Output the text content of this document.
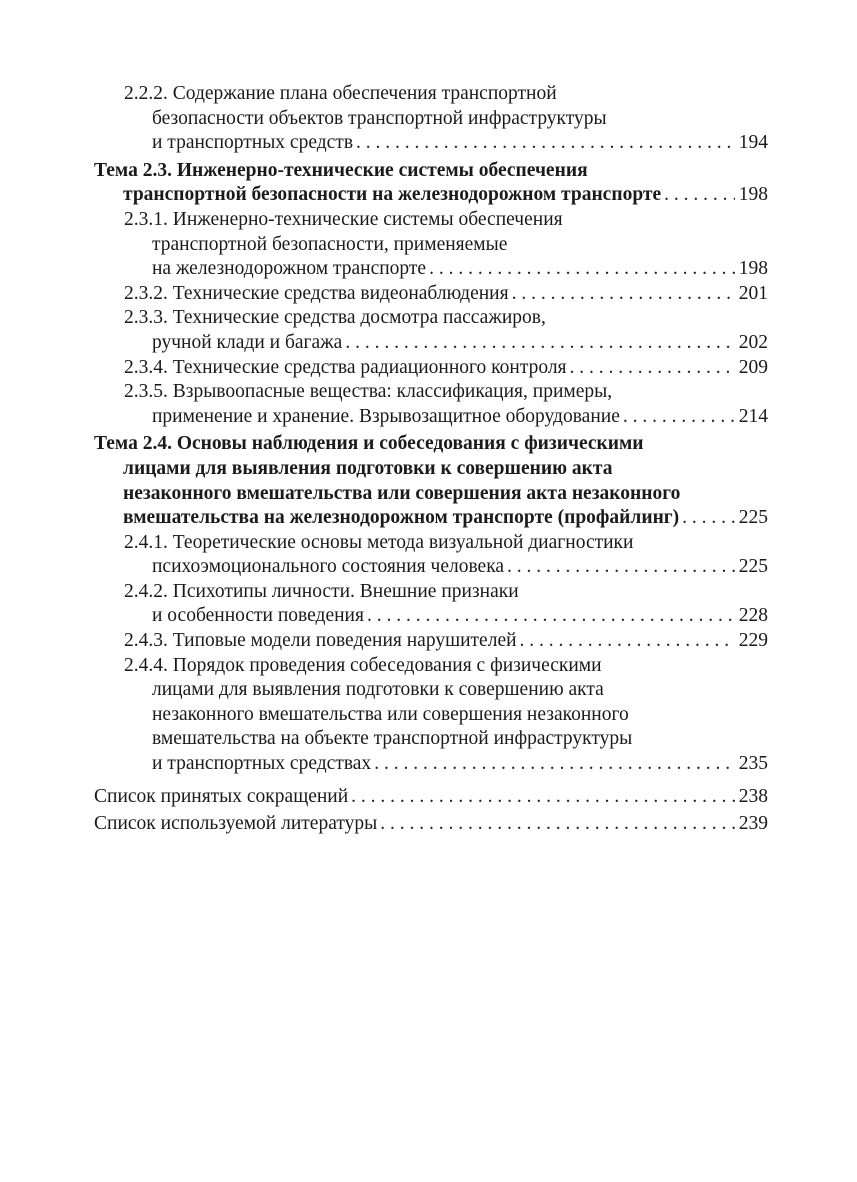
2.2.2. Содержание плана обеспечения транспортной
безопасности объектов транспортной инфраструктуры
и транспортных средств . . .	194
Тема 2.3. Инженерно-технические системы обеспечения
транспортной безопасности на железнодорожном транспорте . . .	198
2.3.1. Инженерно-технические системы обеспечения
транспортной безопасности, применяемые
на железнодорожном транспорте . . .	198
2.3.2. Технические средства видеонаблюдения . . .	201
2.3.3. Технические средства досмотра пассажиров,
ручной клади и багажа . . .	202
2.3.4. Технические средства радиационного контроля . . .	209
2.3.5. Взрывоопасные вещества: классификация, примеры,
применение и хранение. Взрывозащитное оборудование . . .	214
Тема 2.4. Основы наблюдения и собеседования с физическими
лицами для выявления подготовки к совершению акта
незаконного вмешательства или совершения акта незаконного
вмешательства на железнодорожном транспорте (профайлинг) . . .	225
2.4.1. Теоретические основы метода визуальной диагностики
психоэмоционального состояния человека . . .	225
2.4.2. Психотипы личности. Внешние признаки
и особенности поведения . . .	228
2.4.3. Типовые модели поведения нарушителей . . .	229
2.4.4. Порядок проведения собеседования с физическими
лицами для выявления подготовки к совершению акта
незаконного вмешательства или совершения незаконного
вмешательства на объекте транспортной инфраструктуры
и транспортных средствах . . .	235
Список принятых сокращений . . .	238
Список используемой литературы . . .	239
